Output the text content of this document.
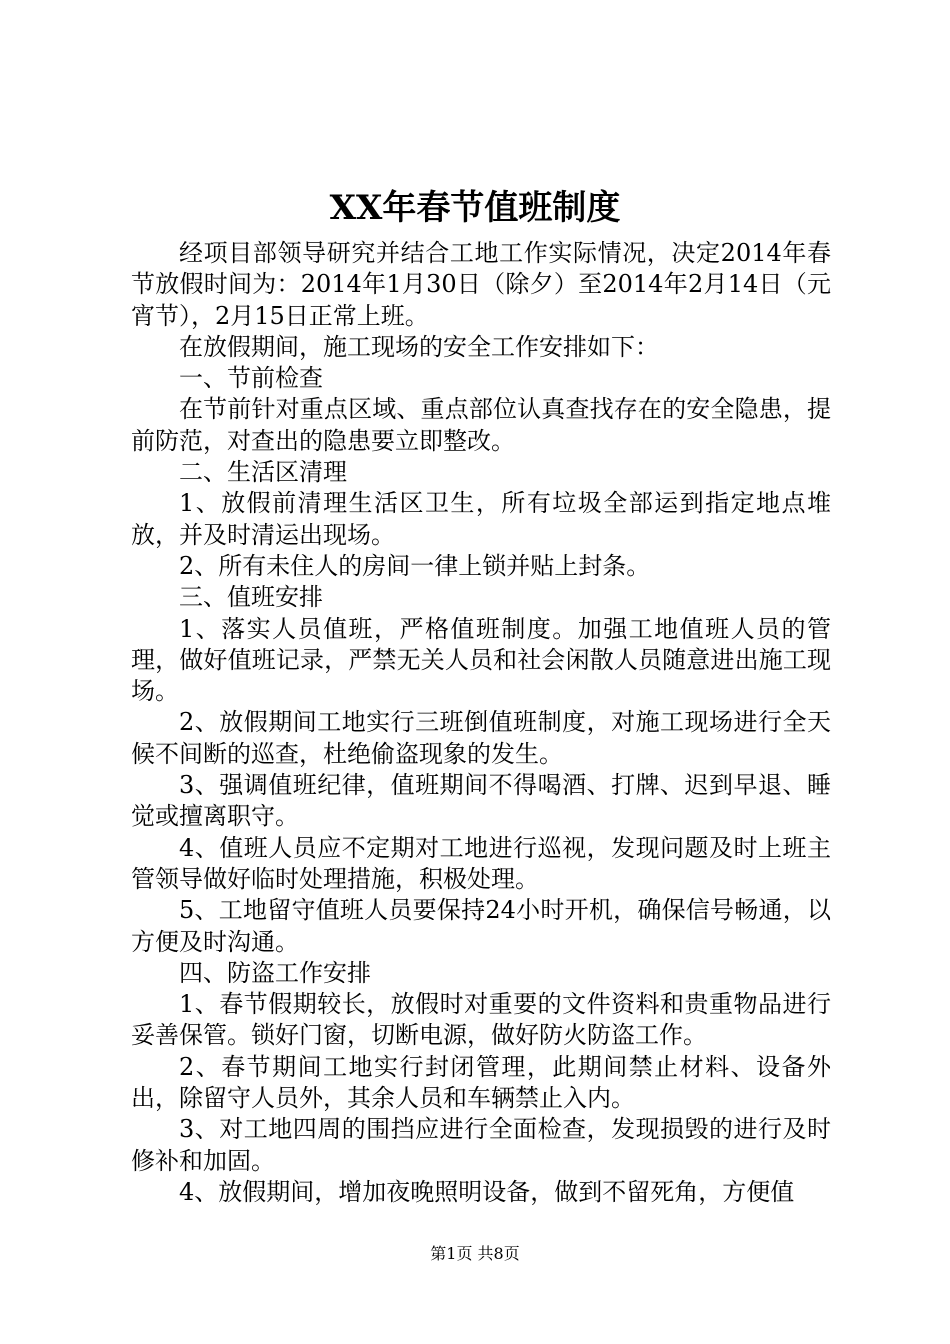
XX年春节值班制度

经项目部领导研究并结合工地工作实际情况，决定2014年春节放假时间为：2014年1月30日（除夕）至2014年2月14日（元宵节），2月15日正常上班。

在放假期间，施工现场的安全工作安排如下：

一、节前检查

在节前针对重点区域、重点部位认真查找存在的安全隐患，提前防范，对查出的隐患要立即整改。

二、生活区清理

1、放假前清理生活区卫生，所有垃圾全部运到指定地点堆放，并及时清运出现场。

2、所有未住人的房间一律上锁并贴上封条。

三、值班安排

1、落实人员值班，严格值班制度。加强工地值班人员的管理，做好值班记录，严禁无关人员和社会闲散人员随意进出施工现场。

2、放假期间工地实行三班倒值班制度，对施工现场进行全天候不间断的巡查，杜绝偷盗现象的发生。

3、强调值班纪律，值班期间不得喝酒、打牌、迟到早退、睡觉或擅离职守。

4、值班人员应不定期对工地进行巡视，发现问题及时上班主管领导做好临时处理措施，积极处理。

5、工地留守值班人员要保持24小时开机，确保信号畅通，以方便及时沟通。

四、防盗工作安排

1、春节假期较长，放假时对重要的文件资料和贵重物品进行妥善保管。锁好门窗，切断电源，做好防火防盗工作。

2、春节期间工地实行封闭管理，此期间禁止材料、设备外出，除留守人员外，其余人员和车辆禁止入内。

3、对工地四周的围挡应进行全面检查，发现损毁的进行及时修补和加固。

4、放假期间，增加夜晚照明设备，做到不留死角，方便值

第1页 共8页
